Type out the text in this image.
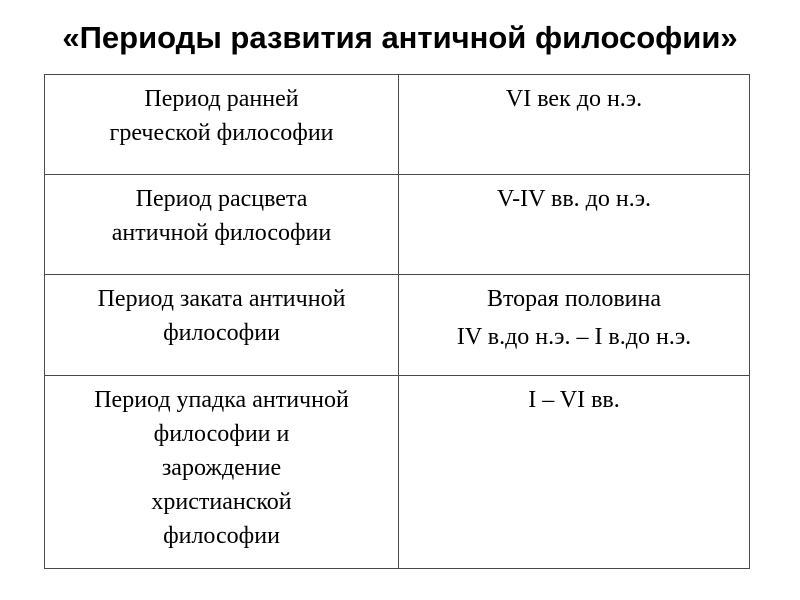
«Периоды развития античной философии»
Период ранней
греческой философии	VI век до н.э.

Период расцвета
античной философии	V-IV вв. до н.э.

Период заката античной
философии	Вторая половина
IV в.до н.э. – I в.до н.э.

Период упадка античной
философии и
зарождение
христианской
философии	I – VI вв.
